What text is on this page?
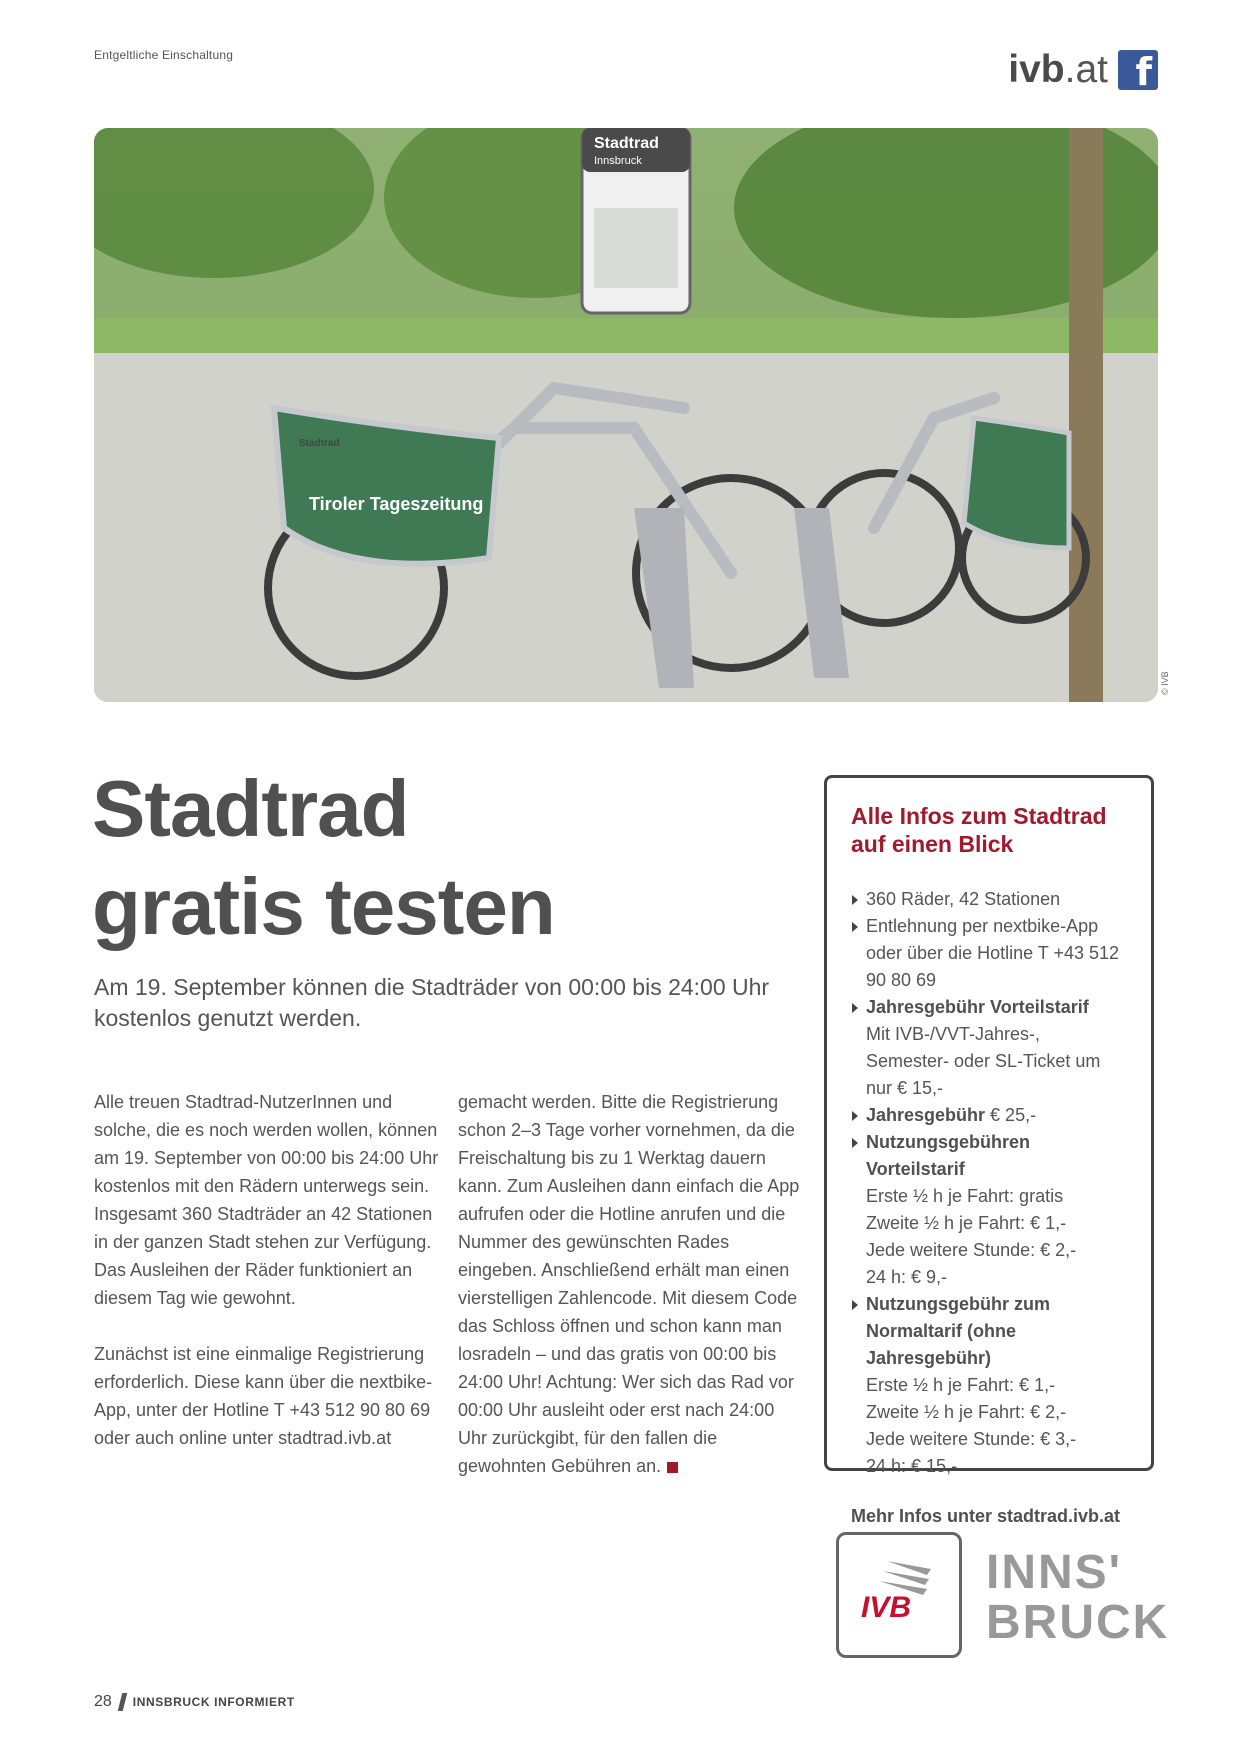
Entgeltliche Einschaltung	ivb.at f
Stadtrad
Innsbruck
Tiroler Tageszeitung
Stadtrad
© IVB
Stadtrad
gratis testen

Am 19. September können die Stadträder von 00:00 bis 24:00 Uhr kostenlos genutzt werden.

Alle treuen Stadtrad-NutzerInnen und solche, die es noch werden wollen, können am 19. September von 00:00 bis 24:00 Uhr kostenlos mit den Rädern unterwegs sein. Insgesamt 360 Stadträder an 42 Stationen in der ganzen Stadt stehen zur Verfügung. Das Ausleihen der Räder funktioniert an diesem Tag wie gewohnt.

Zunächst ist eine einmalige Registrierung erforderlich. Diese kann über die nextbike-App, unter der Hotline T +43 512 90 80 69 oder auch online unter stadtrad.ivb.at

gemacht werden. Bitte die Registrierung schon 2–3 Tage vorher vornehmen, da die Freischaltung bis zu 1 Werktag dauern kann. Zum Ausleihen dann einfach die App aufrufen oder die Hotline anrufen und die Nummer des gewünschten Rades eingeben. Anschließend erhält man einen vierstelligen Zahlencode. Mit diesem Code das Schloss öffnen und schon kann man losradeln – und das gratis von 00:00 bis 24:00 Uhr! Achtung: Wer sich das Rad vor 00:00 Uhr ausleiht oder erst nach 24:00 Uhr zurückgibt, für den fallen die gewohnten Gebühren an.

Alle Infos zum Stadtrad auf einen Blick
360 Räder, 42 Stationen
Entlehnung per nextbike-App oder über die Hotline T +43 512 90 80 69
Jahresgebühr Vorteilstarif
Mit IVB-/VVT-Jahres-, Semester- oder SL-Ticket um nur € 15,-
Jahresgebühr € 25,-
Nutzungsgebühren Vorteilstarif
Erste ½ h je Fahrt: gratis
Zweite ½ h je Fahrt: € 1,-
Jede weitere Stunde: € 2,-
24 h: € 9,-
Nutzungsgebühr zum Normaltarif (ohne Jahresgebühr)
Erste ½ h je Fahrt: € 1,-
Zweite ½ h je Fahrt: € 2,-
Jede weitere Stunde: € 3,-
24 h: € 15,-
Mehr Infos unter stadtrad.ivb.at
IVB
INNS'
BRUCK
28 INNSBRUCK INFORMIERT
